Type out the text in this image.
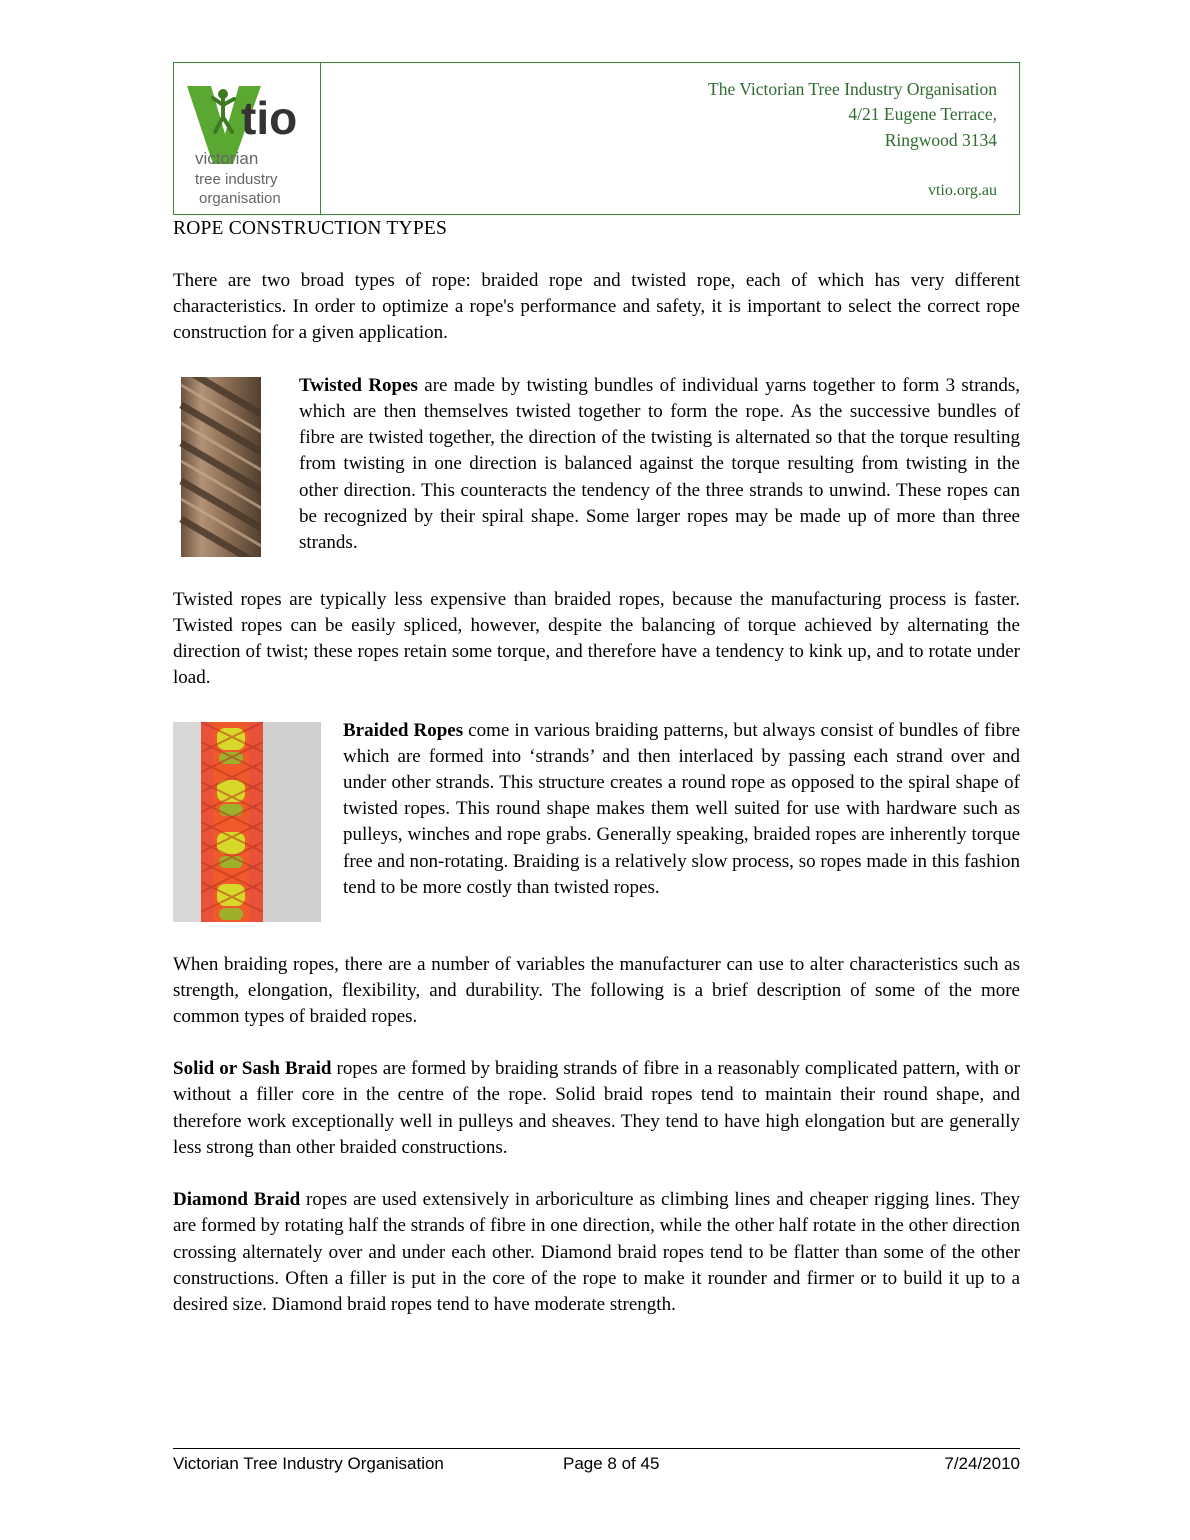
tio
victorian
tree industry
organisation
The Victorian Tree Industry Organisation
4/21 Eugene Terrace,
Ringwood 3134
vtio.org.au
ROPE CONSTRUCTION TYPES

There are two broad types of rope: braided rope and twisted rope, each of which has very different characteristics. In order to optimize a rope's performance and safety, it is important to select the correct rope construction for a given application.

Twisted Ropes are made by twisting bundles of individual yarns together to form 3 strands, which are then themselves twisted together to form the rope. As the successive bundles of fibre are twisted together, the direction of the twisting is alternated so that the torque resulting from twisting in one direction is balanced against the torque resulting from twisting in the other direction. This counteracts the tendency of the three strands to unwind. These ropes can be recognized by their spiral shape. Some larger ropes may be made up of more than three strands.

Twisted ropes are typically less expensive than braided ropes, because the manufacturing process is faster. Twisted ropes can be easily spliced, however, despite the balancing of torque achieved by alternating the direction of twist; these ropes retain some torque, and therefore have a tendency to kink up, and to rotate under load.

Braided Ropes come in various braiding patterns, but always consist of bundles of fibre which are formed into ‘strands’ and then interlaced by passing each strand over and under other strands. This structure creates a round rope as opposed to the spiral shape of twisted ropes. This round shape makes them well suited for use with hardware such as pulleys, winches and rope grabs. Generally speaking, braided ropes are inherently torque free and non-rotating. Braiding is a relatively slow process, so ropes made in this fashion tend to be more costly than twisted ropes.

When braiding ropes, there are a number of variables the manufacturer can use to alter characteristics such as strength, elongation, flexibility, and durability. The following is a brief description of some of the more common types of braided ropes.

Solid or Sash Braid ropes are formed by braiding strands of fibre in a reasonably complicated pattern, with or without a filler core in the centre of the rope. Solid braid ropes tend to maintain their round shape, and therefore work exceptionally well in pulleys and sheaves. They tend to have high elongation but are generally less strong than other braided constructions.

Diamond Braid ropes are used extensively in arboriculture as climbing lines and cheaper rigging lines. They are formed by rotating half the strands of fibre in one direction, while the other half rotate in the other direction crossing alternately over and under each other. Diamond braid ropes tend to be flatter than some of the other constructions. Often a filler is put in the core of the rope to make it rounder and firmer or to build it up to a desired size. Diamond braid ropes tend to have moderate strength.

Victorian Tree Industry Organisation	Page 8 of 45	7/24/2010
